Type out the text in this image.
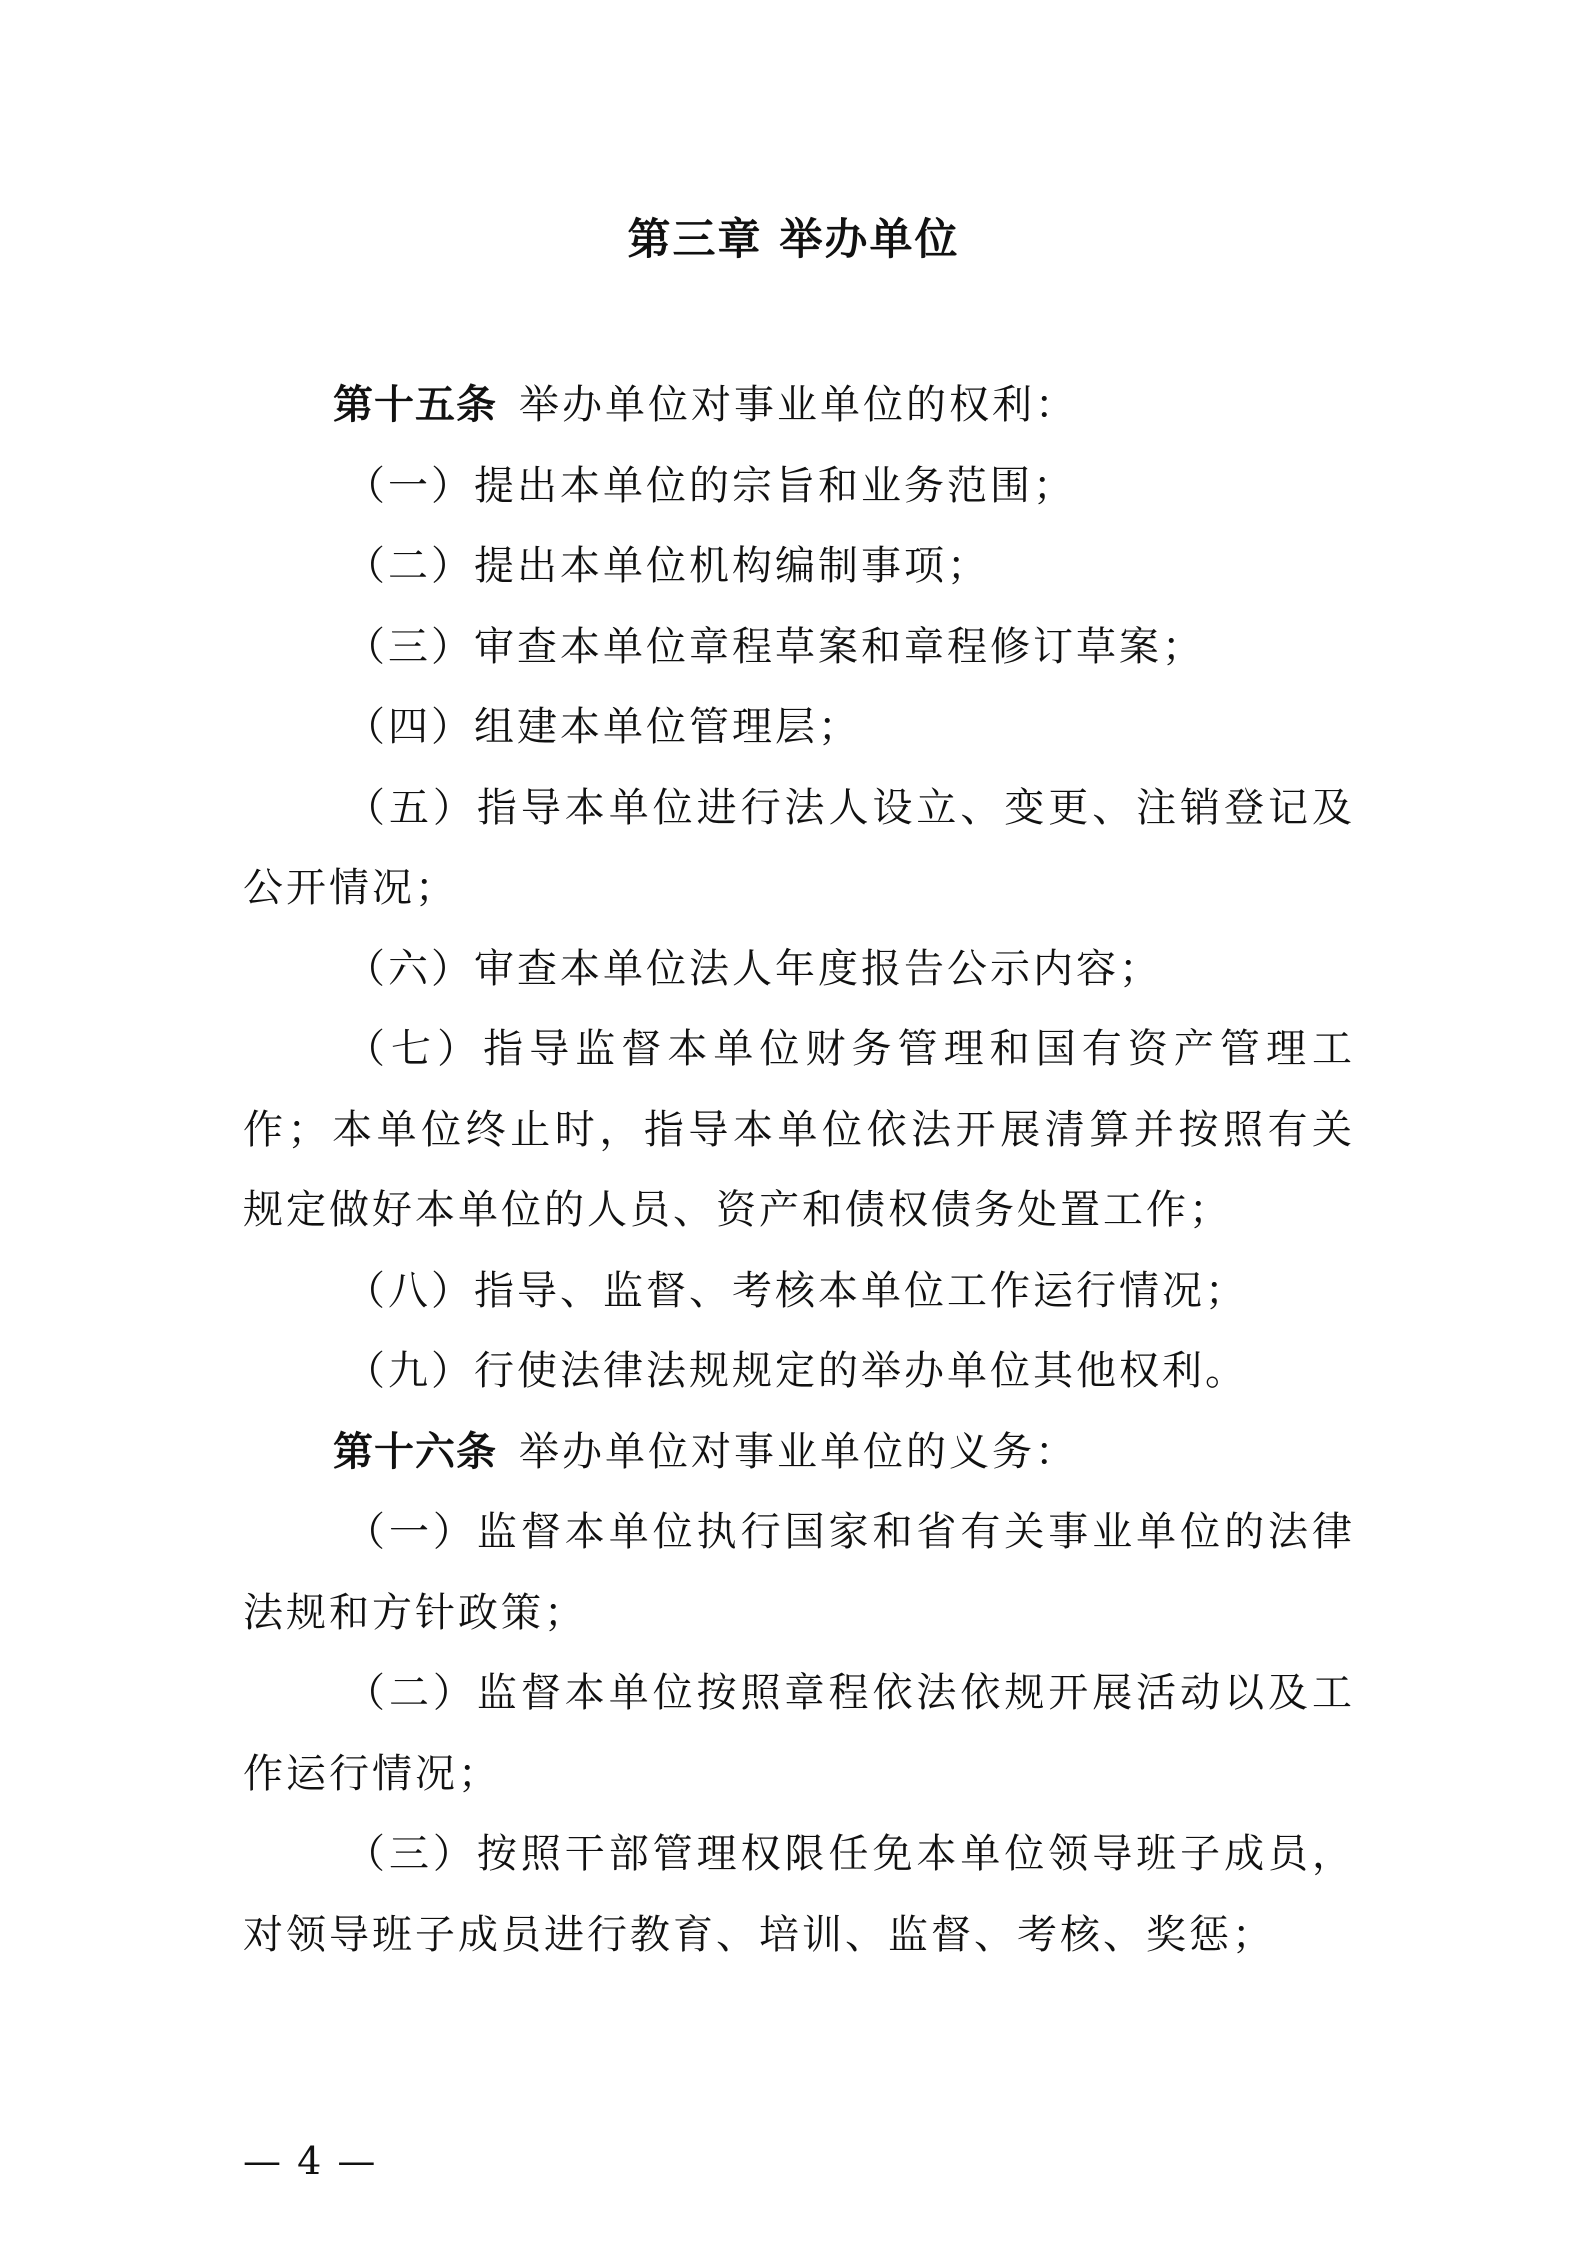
第三章 举办单位

第十五条 举办单位对事业单位的权利：

（一）提出本单位的宗旨和业务范围；

（二）提出本单位机构编制事项；

（三）审查本单位章程草案和章程修订草案；

（四）组建本单位管理层；

（五）指导本单位进行法人设立、变更、注销登记及公开情况；

（六）审查本单位法人年度报告公示内容；

（七）指导监督本单位财务管理和国有资产管理工作；本单位终止时，指导本单位依法开展清算并按照有关规定做好本单位的人员、资产和债权债务处置工作；

（八）指导、监督、考核本单位工作运行情况；

（九）行使法律法规规定的举办单位其他权利。

第十六条 举办单位对事业单位的义务：

（一）监督本单位执行国家和省有关事业单位的法律法规和方针政策；

（二）监督本单位按照章程依法依规开展活动以及工作运行情况；

（三）按照干部管理权限任免本单位领导班子成员，对领导班子成员进行教育、培训、监督、考核、奖惩；

— 4 —
